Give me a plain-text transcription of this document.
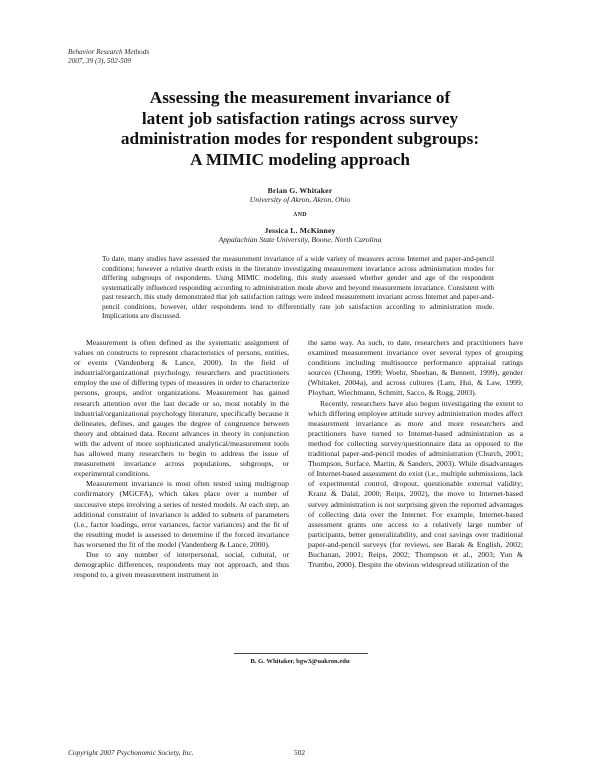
Behavior Research Methods
2007, 39 (3), 502-509
Assessing the measurement invariance of
latent job satisfaction ratings across survey
administration modes for respondent subgroups:
A MIMIC modeling approach
Brian G. Whitaker
University of Akron, Akron, Ohio
AND
Jessica L. McKinney
Appalachian State University, Boone, North Carolina
To date, many studies have assessed the measurement invariance of a wide variety of measures across Internet and paper-and-pencil conditions; however a relative dearth exists in the literature investigating measurement invariance across administration modes for differing subgroups of respondents. Using MIMIC modeling, this study assessed whether gender and age of the respondent systematically influenced responding according to administration mode above and beyond measurement invariance. Consistent with past research, this study demonstrated that job satisfaction ratings were indeed measurement invariant across Internet and paper-and-pencil conditions, however, older respondents tend to differentially rate job satisfaction according to administration mode. Implications are discussed.

Measurement is often defined as the systematic assignment of values on constructs to represent characteristics of persons, entities, or events (Vandenberg & Lance, 2000). In the field of industrial/organizational psychology, researchers and practitioners employ the use of differing types of measures in order to characterize persons, groups, and/or organizations. Measurement has gained research attention over the last decade or so, most notably in the industrial/organizational psychology literature, specifically because it delineates, defines, and gauges the degree of congruence between theory and obtained data. Recent advances in theory in conjunction with the advent of more sophisticated analytical/measurement tools has allowed many researchers to begin to address the issue of measurement invariance across populations, subgroups, or experimental conditions.

Measurement invariance is most often tested using multigroup confirmatory (MGCFA), which takes place over a number of successive steps involving a series of nested models. At each step, an additional constraint of invariance is added to subsets of parameters (i.e., factor loadings, error variances, factor variances) and the fit of the resulting model is assessed to determine if the forced invariance has worsened the fit of the model (Vandenberg & Lance, 2000).

Due to any number of interpersonal, social, cultural, or demographic differences, respondents may not approach, and thus respond to, a given measurement instrument in

the same way. As such, to date, researchers and practitioners have examined measurement invariance over several types of grouping conditions including multisource performance appraisal ratings sources (Cheung, 1999; Woehr, Sheehan, & Bennett, 1999), gender (Whitaker, 2004a), and across cultures (Lam, Hui, & Law, 1999; Ployhart, Wiechmann, Schmitt, Sacco, & Rogg, 2003).

Recently, researchers have also begun investigating the extent to which differing employee attitude survey administration modes affect measurement invariance as more and more researchers and practitioners have turned to Internet-based administration as a method for collecting survey/questionnaire data as opposed to the traditional paper-and-pencil modes of administration (Church, 2001; Thompson, Surface, Martin, & Sanders, 2003). While disadvantages of Internet-based assessment do exist (i.e., multiple submissions, lack of experimental control, dropout, questionable external validity; Kranz & Dalal, 2000; Reips, 2002), the move to Internet-based survey administration is not surprising given the reported advantages of collecting data over the Internet. For example, Internet-based assessment grants one access to a relatively large number of participants, better generalizability, and cost savings over traditional paper-and-pencil surveys (for reviews, see Barak & English, 2002; Buchanan, 2001; Reips, 2002; Thompson et al., 2003; Yun & Trumbo, 2000). Despite the obvious widespread utilization of the

B. G. Whitaker, bgw3@uakron.edu
Copyright 2007 Psychonomic Society, Inc.	502
